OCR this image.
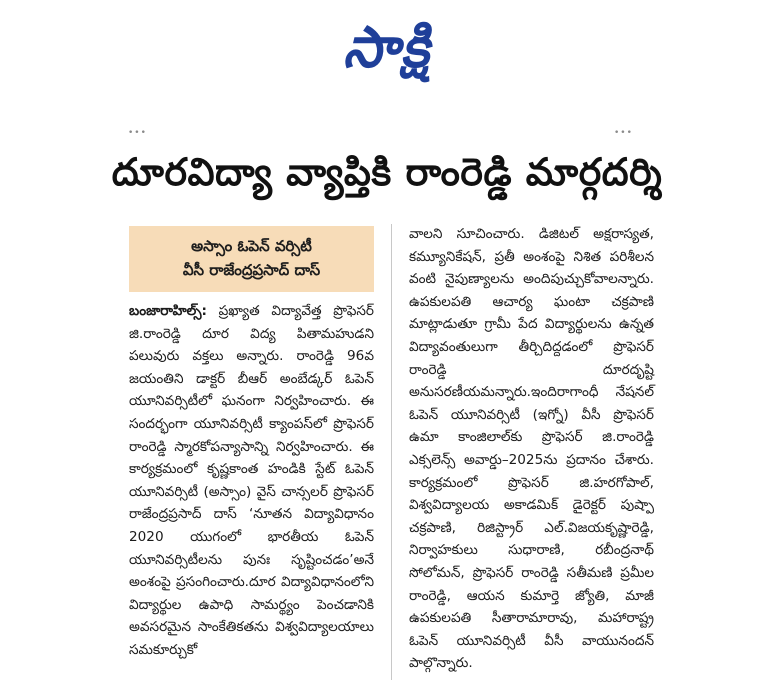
సాక్షి
•••	•••
దూరవిద్యా వ్యాప్తికి రాంరెడ్డి మార్గదర్శి
అస్సాం ఓపెన్ వర్సిటీ
వీసీ రాజేంద్రప్రసాద్ దాస్

బంజారాహిల్స్: ప్రఖ్యాత విద్యావేత్త ప్రొఫెసర్ జి.రాంరెడ్డి దూర విద్య పితామహుడని పలువురు వక్తలు అన్నారు. రాంరెడ్డి 96వ జయంతిని డాక్టర్ బీఆర్ అంబేడ్కర్ ఓపెన్ యూనివర్సిటీలో ఘనంగా నిర్వహించారు. ఈ సందర్భంగా యూనివర్సిటీ క్యాంపస్‌లో ప్రొఫెసర్ రాంరెడ్డి స్మారకోపన్యాసాన్ని నిర్వహించారు. ఈ కార్యక్రమంలో కృష్ణకాంత హండికి స్టేట్ ఓపెన్ యూనివర్సిటీ (అస్సాం) వైస్ చాన్సలర్ ప్రొఫెసర్ రాజేంద్రప్రసాద్ దాస్ ‘నూతన విద్యావిధానం 2020 యుగంలో భారతీయ ఓపెన్ యూనివర్సిటీలను పునః సృష్టించడం’అనే అంశంపై ప్రసంగించారు.దూర విద్యావిధానంలోని విద్యార్థుల ఉపాధి సామర్థ్యం పెంచడానికి అవసరమైన సాంకేతికతను విశ్వవిద్యాలయాలు సమకూర్చుకో

వాలని సూచించారు. డిజిటల్ అక్షరాస్యత, కమ్యూనికేషన్, ప్రతీ అంశంపై నిశిత పరిశీలన వంటి నైపుణ్యాలను అందిపుచ్చుకోవాలన్నారు. ఉపకులపతి ఆచార్య ఘంటా చక్రపాణి మాట్లాడుతూ గ్రామీ పేద విద్యార్థులను ఉన్నత విద్యావంతులుగా తీర్చిదిద్దడంలో ప్రొఫెసర్ రాంరెడ్డి దూరదృష్టి అనుసరణీయమన్నారు.ఇందిరాగాంధీ నేషనల్ ఓపెన్ యూనివర్సిటీ (ఇగ్నో) వీసీ ప్రొఫెసర్ ఉమా కాంజిలాల్‌కు ప్రొఫెసర్ జి.రాంరెడ్డి ఎక్సలెన్స్ అవార్డు–2025ను ప్రదానం చేశారు. కార్యక్రమంలో ప్రొఫెసర్ జి.హరగోపాల్, విశ్వవిద్యాలయ అకాడమిక్ డైరెక్టర్ పుష్పా చక్రపాణి, రిజిస్ట్రార్ ఎల్.విజయకృష్ణారెడ్డి, నిర్వాహకులు సుధారాణి, రబీంద్రనాథ్ సోలోమన్, ప్రొఫెసర్ రాంరెడ్డి సతీమణి ప్రమీల రాంరెడ్డి, ఆయన కుమార్తె జ్యోతి, మాజీ ఉపకులపతి సీతారామారావు, మహారాష్ట్ర ఓపెన్ యూనివర్సిటీ వీసీ వాయునందన్ పాల్గొన్నారు.
